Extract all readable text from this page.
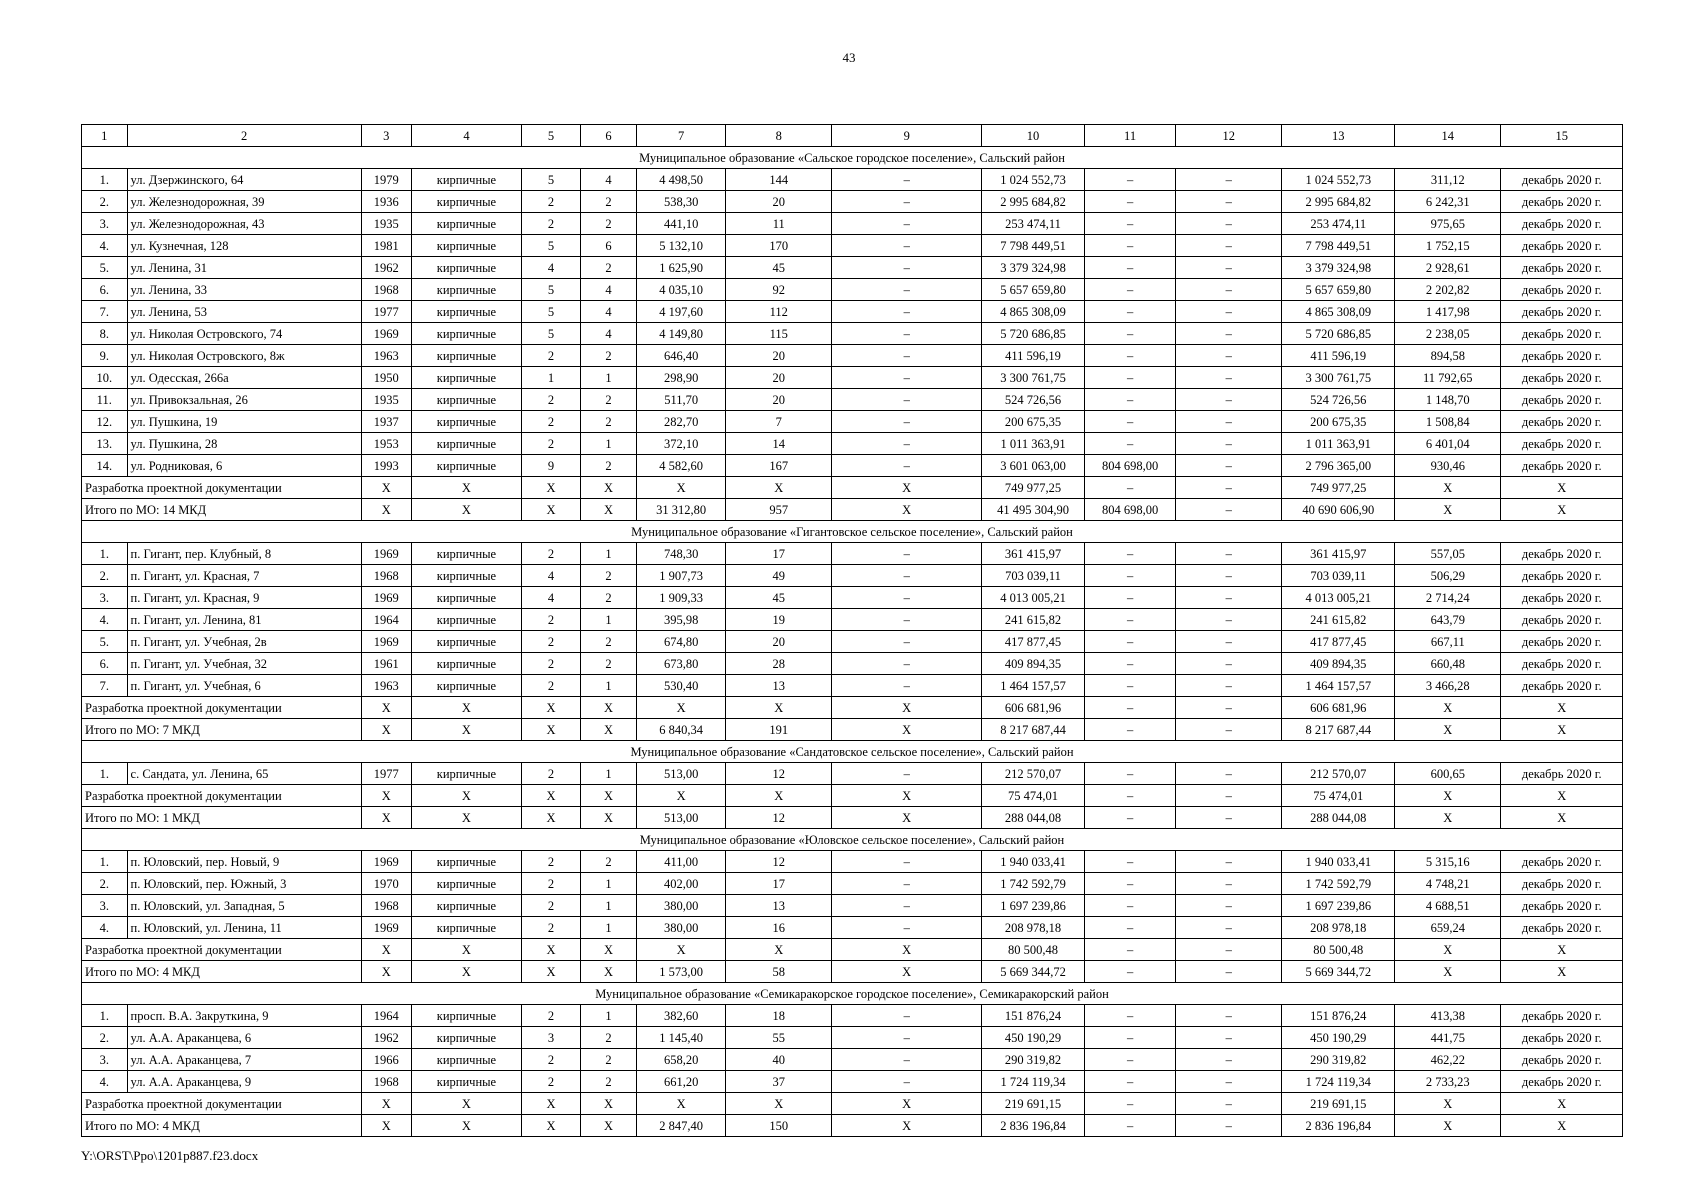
43
1	2	3	4	5	6	7	8	9	10	11	12	13	14	15
Муниципальное образование «Сальское городское поселение», Сальский район														
1.	ул. Дзержинского, 64	1979	кирпичные	5	4	4 498,50	144	–	1 024 552,73	–	–	1 024 552,73	311,12	декабрь 2020 г.
2.	ул. Железнодорожная, 39	1936	кирпичные	2	2	538,30	20	–	2 995 684,82	–	–	2 995 684,82	6 242,31	декабрь 2020 г.
3.	ул. Железнодорожная, 43	1935	кирпичные	2	2	441,10	11	–	253 474,11	–	–	253 474,11	975,65	декабрь 2020 г.
4.	ул. Кузнечная, 128	1981	кирпичные	5	6	5 132,10	170	–	7 798 449,51	–	–	7 798 449,51	1 752,15	декабрь 2020 г.
5.	ул. Ленина, 31	1962	кирпичные	4	2	1 625,90	45	–	3 379 324,98	–	–	3 379 324,98	2 928,61	декабрь 2020 г.
6.	ул. Ленина, 33	1968	кирпичные	5	4	4 035,10	92	–	5 657 659,80	–	–	5 657 659,80	2 202,82	декабрь 2020 г.
7.	ул. Ленина, 53	1977	кирпичные	5	4	4 197,60	112	–	4 865 308,09	–	–	4 865 308,09	1 417,98	декабрь 2020 г.
8.	ул. Николая Островского, 74	1969	кирпичные	5	4	4 149,80	115	–	5 720 686,85	–	–	5 720 686,85	2 238,05	декабрь 2020 г.
9.	ул. Николая Островского, 8ж	1963	кирпичные	2	2	646,40	20	–	411 596,19	–	–	411 596,19	894,58	декабрь 2020 г.
10.	ул. Одесская, 266а	1950	кирпичные	1	1	298,90	20	–	3 300 761,75	–	–	3 300 761,75	11 792,65	декабрь 2020 г.
11.	ул. Привокзальная, 26	1935	кирпичные	2	2	511,70	20	–	524 726,56	–	–	524 726,56	1 148,70	декабрь 2020 г.
12.	ул. Пушкина, 19	1937	кирпичные	2	2	282,70	7	–	200 675,35	–	–	200 675,35	1 508,84	декабрь 2020 г.
13.	ул. Пушкина, 28	1953	кирпичные	2	1	372,10	14	–	1 011 363,91	–	–	1 011 363,91	6 401,04	декабрь 2020 г.
14.	ул. Родниковая, 6	1993	кирпичные	9	2	4 582,60	167	–	3 601 063,00	804 698,00	–	2 796 365,00	930,46	декабрь 2020 г.
Разработка проектной документации		X	X	X	X	X	X	X	749 977,25	–	–	749 977,25	X	X
Итого по МО: 14 МКД		X	X	X	X	31 312,80	957	X	41 495 304,90	804 698,00	–	40 690 606,90	X	X
Муниципальное образование «Гигантовское сельское поселение», Сальский район														
1.	п. Гигант, пер. Клубный, 8	1969	кирпичные	2	1	748,30	17	–	361 415,97	–	–	361 415,97	557,05	декабрь 2020 г.
2.	п. Гигант, ул. Красная, 7	1968	кирпичные	4	2	1 907,73	49	–	703 039,11	–	–	703 039,11	506,29	декабрь 2020 г.
3.	п. Гигант, ул. Красная, 9	1969	кирпичные	4	2	1 909,33	45	–	4 013 005,21	–	–	4 013 005,21	2 714,24	декабрь 2020 г.
4.	п. Гигант, ул. Ленина, 81	1964	кирпичные	2	1	395,98	19	–	241 615,82	–	–	241 615,82	643,79	декабрь 2020 г.
5.	п. Гигант, ул. Учебная, 2в	1969	кирпичные	2	2	674,80	20	–	417 877,45	–	–	417 877,45	667,11	декабрь 2020 г.
6.	п. Гигант, ул. Учебная, 32	1961	кирпичные	2	2	673,80	28	–	409 894,35	–	–	409 894,35	660,48	декабрь 2020 г.
7.	п. Гигант, ул. Учебная, 6	1963	кирпичные	2	1	530,40	13	–	1 464 157,57	–	–	1 464 157,57	3 466,28	декабрь 2020 г.
Разработка проектной документации		X	X	X	X	X	X	X	606 681,96	–	–	606 681,96	X	X
Итого по МО: 7 МКД		X	X	X	X	6 840,34	191	X	8 217 687,44	–	–	8 217 687,44	X	X
Муниципальное образование «Сандатовское сельское поселение», Сальский район														
1.	с. Сандата, ул. Ленина, 65	1977	кирпичные	2	1	513,00	12	–	212 570,07	–	–	212 570,07	600,65	декабрь 2020 г.
Разработка проектной документации		X	X	X	X	X	X	X	75 474,01	–	–	75 474,01	X	X
Итого по МО: 1 МКД		X	X	X	X	513,00	12	X	288 044,08	–	–	288 044,08	X	X
Муниципальное образование «Юловское сельское поселение», Сальский район														
1.	п. Юловский, пер. Новый, 9	1969	кирпичные	2	2	411,00	12	–	1 940 033,41	–	–	1 940 033,41	5 315,16	декабрь 2020 г.
2.	п. Юловский, пер. Южный, 3	1970	кирпичные	2	1	402,00	17	–	1 742 592,79	–	–	1 742 592,79	4 748,21	декабрь 2020 г.
3.	п. Юловский, ул. Западная, 5	1968	кирпичные	2	1	380,00	13	–	1 697 239,86	–	–	1 697 239,86	4 688,51	декабрь 2020 г.
4.	п. Юловский, ул. Ленина, 11	1969	кирпичные	2	1	380,00	16	–	208 978,18	–	–	208 978,18	659,24	декабрь 2020 г.
Разработка проектной документации		X	X	X	X	X	X	X	80 500,48	–	–	80 500,48	X	X
Итого по МО: 4 МКД		X	X	X	X	1 573,00	58	X	5 669 344,72	–	–	5 669 344,72	X	X
Муниципальное образование «Семикаракорское городское поселение», Семикаракорский район														
1.	просп. В.А. Закруткина, 9	1964	кирпичные	2	1	382,60	18	–	151 876,24	–	–	151 876,24	413,38	декабрь 2020 г.
2.	ул. А.А. Араканцева, 6	1962	кирпичные	3	2	1 145,40	55	–	450 190,29	–	–	450 190,29	441,75	декабрь 2020 г.
3.	ул. А.А. Араканцева, 7	1966	кирпичные	2	2	658,20	40	–	290 319,82	–	–	290 319,82	462,22	декабрь 2020 г.
4.	ул. А.А. Араканцева, 9	1968	кирпичные	2	2	661,20	37	–	1 724 119,34	–	–	1 724 119,34	2 733,23	декабрь 2020 г.
Разработка проектной документации		X	X	X	X	X	X	X	219 691,15	–	–	219 691,15	X	X
Итого по МО: 4 МКД		X	X	X	X	2 847,40	150	X	2 836 196,84	–	–	2 836 196,84	X	X
Y:\ORST\Ppo\1201p887.f23.docx
